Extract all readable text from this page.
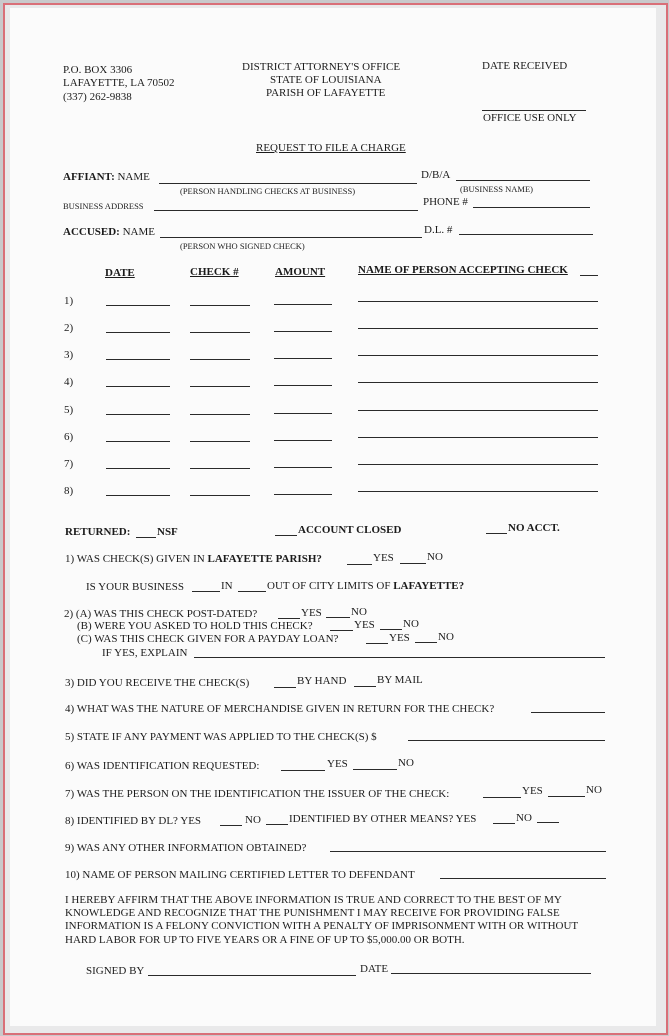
P.O. BOX 3306
LAFAYETTE, LA 70502
(337) 262-9838
DISTRICT ATTORNEY'S OFFICE
STATE OF LOUISIANA
PARISH OF LAFAYETTE
DATE RECEIVED
OFFICE USE ONLY
REQUEST TO FILE A CHARGE
AFFIANT: NAME
(PERSON HANDLING CHECKS AT BUSINESS)
D/B/A
(BUSINESS NAME)
BUSINESS ADDRESS	PHONE #
ACCUSED: NAME
(PERSON WHO SIGNED CHECK)
D.L. #
DATE	CHECK #	AMOUNT	NAME OF PERSON ACCEPTING CHECK
1)
2)
3)
4)
5)
6)
7)
8)
RETURNED: NSF	ACCOUNT CLOSED	NO ACCT.
1) WAS CHECK(S) GIVEN IN LAFAYETTE PARISH?	YES	NO
IS YOUR BUSINESS	IN	OUT OF CITY LIMITS OF LAFAYETTE?
2) (A) WAS THIS CHECK POST-DATED?	YES	NO
(B) WERE YOU ASKED TO HOLD THIS CHECK?	YES	NO
(C) WAS THIS CHECK GIVEN FOR A PAYDAY LOAN?	YES	NO
IF YES, EXPLAIN
3) DID YOU RECEIVE THE CHECK(S)	BY HAND	BY MAIL
4) WHAT WAS THE NATURE OF MERCHANDISE GIVEN IN RETURN FOR THE CHECK?
5) STATE IF ANY PAYMENT WAS APPLIED TO THE CHECK(S) $
6) WAS IDENTIFICATION REQUESTED:	YES	NO
7) WAS THE PERSON ON THE IDENTIFICATION THE ISSUER OF THE CHECK:	YES	NO
8) IDENTIFIED BY DL? YES	NO	IDENTIFIED BY OTHER MEANS? YES	NO
9) WAS ANY OTHER INFORMATION OBTAINED?
10) NAME OF PERSON MAILING CERTIFIED LETTER TO DEFENDANT
I HEREBY AFFIRM THAT THE ABOVE INFORMATION IS TRUE AND CORRECT TO THE BEST OF MY
KNOWLEDGE AND RECOGNIZE THAT THE PUNISHMENT I MAY RECEIVE FOR PROVIDING FALSE
INFORMATION IS A FELONY CONVICTION WITH A PENALTY OF IMPRISONMENT WITH OR WITHOUT
HARD LABOR FOR UP TO FIVE YEARS OR A FINE OF UP TO $5,000.00 OR BOTH.
SIGNED BY	DATE
